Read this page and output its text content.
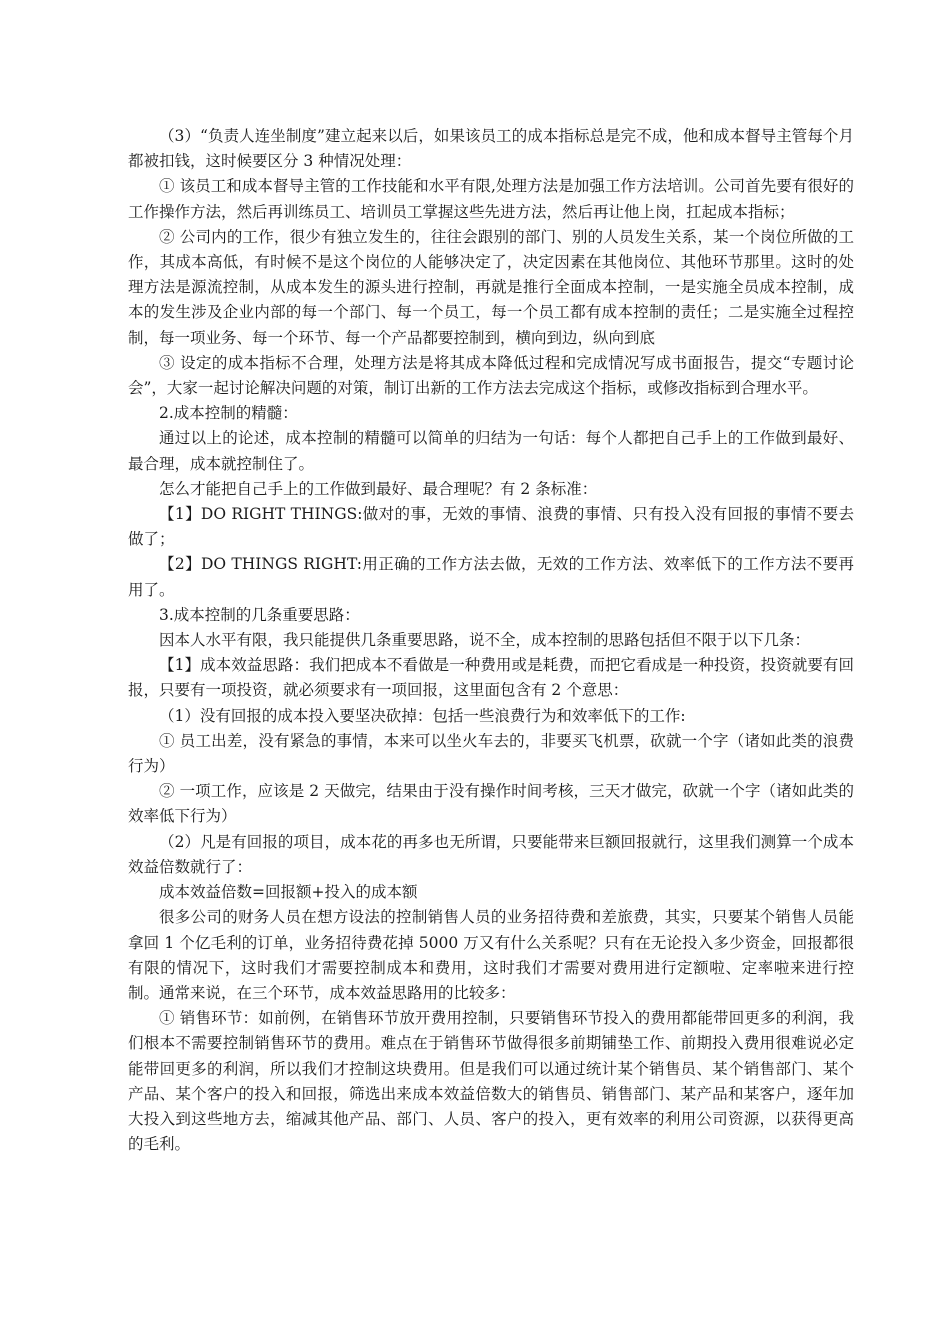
（3）“负责人连坐制度”建立起来以后，如果该员工的成本指标总是完不成，他和成本督导主管每个月都被扣钱，这时候要区分 3 种情况处理：

① 该员工和成本督导主管的工作技能和水平有限,处理方法是加强工作方法培训。公司首先要有很好的工作操作方法，然后再训练员工、培训员工掌握这些先进方法，然后再让他上岗，扛起成本指标；

② 公司内的工作，很少有独立发生的，往往会跟别的部门、别的人员发生关系，某一个岗位所做的工作，其成本高低，有时候不是这个岗位的人能够决定了，决定因素在其他岗位、其他环节那里。这时的处理方法是源流控制，从成本发生的源头进行控制，再就是推行全面成本控制，一是实施全员成本控制，成本的发生涉及企业内部的每一个部门、每一个员工，每一个员工都有成本控制的责任；二是实施全过程控制，每一项业务、每一个环节、每一个产品都要控制到，横向到边，纵向到底

③ 设定的成本指标不合理，处理方法是将其成本降低过程和完成情况写成书面报告，提交“专题讨论会”，大家一起讨论解决问题的对策，制订出新的工作方法去完成这个指标，或修改指标到合理水平。

2.成本控制的精髓：

通过以上的论述，成本控制的精髓可以简单的归结为一句话：每个人都把自己手上的工作做到最好、最合理，成本就控制住了。

怎么才能把自己手上的工作做到最好、最合理呢？有 2 条标准：

【1】DO RIGHT THINGS:做对的事，无效的事情、浪费的事情、只有投入没有回报的事情不要去做了；

【2】DO THINGS RIGHT:用正确的工作方法去做，无效的工作方法、效率低下的工作方法不要再用了。

3.成本控制的几条重要思路：

因本人水平有限，我只能提供几条重要思路，说不全，成本控制的思路包括但不限于以下几条：

【1】成本效益思路：我们把成本不看做是一种费用或是耗费，而把它看成是一种投资，投资就要有回报，只要有一项投资，就必须要求有一项回报，这里面包含有 2 个意思：

（1）没有回报的成本投入要坚决砍掉：包括一些浪费行为和效率低下的工作:

① 员工出差，没有紧急的事情，本来可以坐火车去的，非要买飞机票，砍就一个字（诸如此类的浪费行为）

② 一项工作，应该是 2 天做完，结果由于没有操作时间考核，三天才做完，砍就一个字（诸如此类的效率低下行为）

（2）凡是有回报的项目，成本花的再多也无所谓，只要能带来巨额回报就行，这里我们测算一个成本效益倍数就行了：

成本效益倍数=回报额+投入的成本额

很多公司的财务人员在想方设法的控制销售人员的业务招待费和差旅费，其实，只要某个销售人员能拿回 1 个亿毛利的订单，业务招待费花掉 5000 万又有什么关系呢？只有在无论投入多少资金，回报都很有限的情况下，这时我们才需要控制成本和费用，这时我们才需要对费用进行定额啦、定率啦来进行控制。通常来说，在三个环节，成本效益思路用的比较多：

① 销售环节：如前例，在销售环节放开费用控制，只要销售环节投入的费用都能带回更多的利润，我们根本不需要控制销售环节的费用。难点在于销售环节做得很多前期铺垫工作、前期投入费用很难说必定能带回更多的利润，所以我们才控制这块费用。但是我们可以通过统计某个销售员、某个销售部门、某个产品、某个客户的投入和回报，筛选出来成本效益倍数大的销售员、销售部门、某产品和某客户，逐年加大投入到这些地方去，缩减其他产品、部门、人员、客户的投入，更有效率的利用公司资源，以获得更高的毛利。
